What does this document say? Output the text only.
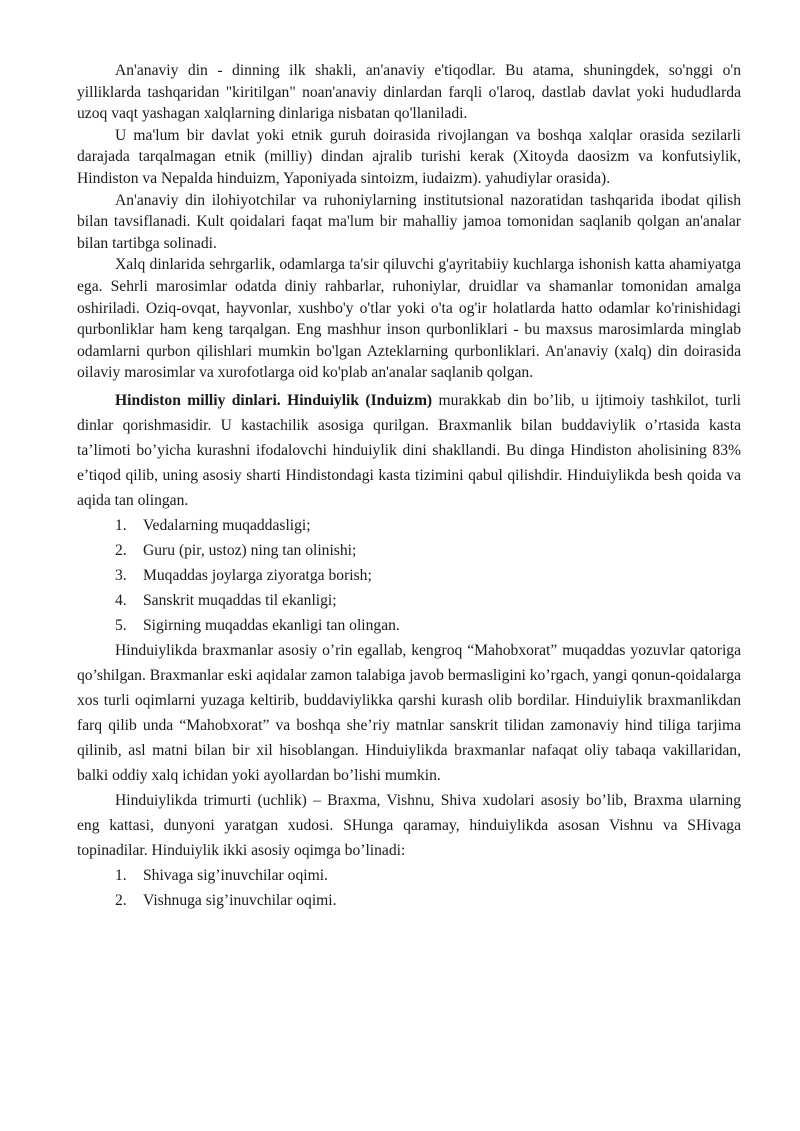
An'anaviy din - dinning ilk shakli, an'anaviy e'tiqodlar. Bu atama, shuningdek, so'nggi o'n yilliklarda tashqaridan "kiritilgan" noan'anaviy dinlardan farqli o'laroq, dastlab davlat yoki hududlarda uzoq vaqt yashagan xalqlarning dinlariga nisbatan qo'llaniladi.

U ma'lum bir davlat yoki etnik guruh doirasida rivojlangan va boshqa xalqlar orasida sezilarli darajada tarqalmagan etnik (milliy) dindan ajralib turishi kerak (Xitoyda daosizm va konfutsiylik, Hindiston va Nepalda hinduizm, Yaponiyada sintoizm, iudaizm). yahudiylar orasida).

An'anaviy din ilohiyotchilar va ruhoniylarning institutsional nazoratidan tashqarida ibodat qilish bilan tavsiflanadi. Kult qoidalari faqat ma'lum bir mahalliy jamoa tomonidan saqlanib qolgan an'analar bilan tartibga solinadi.

Xalq dinlarida sehrgarlik, odamlarga ta'sir qiluvchi g'ayritabiiy kuchlarga ishonish katta ahamiyatga ega. Sehrli marosimlar odatda diniy rahbarlar, ruhoniylar, druidlar va shamanlar tomonidan amalga oshiriladi. Oziq-ovqat, hayvonlar, xushbo'y o'tlar yoki o'ta og'ir holatlarda hatto odamlar ko'rinishidagi qurbonliklar ham keng tarqalgan. Eng mashhur inson qurbonliklari - bu maxsus marosimlarda minglab odamlarni qurbon qilishlari mumkin bo'lgan Azteklarning qurbonliklari. An'anaviy (xalq) din doirasida oilaviy marosimlar va xurofotlarga oid ko'plab an'analar saqlanib qolgan.

Hindiston milliy dinlari. Hinduiylik (Induizm) murakkab din bo’lib, u ijtimoiy tashkilot, turli dinlar qorishmasidir. U kastachilik asosiga qurilgan. Braxmanlik bilan buddaviylik o’rtasida kasta ta’limoti bo’yicha kurashni ifodalovchi hinduiylik dini shakllandi. Bu dinga Hindiston aholisining 83% e’tiqod qilib, uning asosiy sharti Hindistondagi kasta tizimini qabul qilishdir. Hinduiylikda besh qoida va aqida tan olingan.

1.	Vedalarning muqaddasligi;
2.	Guru (pir, ustoz) ning tan olinishi;
3.	Muqaddas joylarga ziyoratga borish;
4.	Sanskrit muqaddas til ekanligi;
5.	Sigirning muqaddas ekanligi tan olingan.

Hinduiylikda braxmanlar asosiy o’rin egallab, kengroq “Mahobxorat” muqaddas yozuvlar qatoriga qo’shilgan. Braxmanlar eski aqidalar zamon talabiga javob bermasligini ko’rgach, yangi qonun-qoidalarga xos turli oqimlarni yuzaga keltirib, buddaviylikka qarshi kurash olib bordilar. Hinduiylik braxmanlikdan farq qilib unda “Mahobxorat” va boshqa she’riy matnlar sanskrit tilidan zamonaviy hind tiliga tarjima qilinib, asl matni bilan bir xil hisoblangan. Hinduiylikda braxmanlar nafaqat oliy tabaqa vakillaridan, balki oddiy xalq ichidan yoki ayollardan bo’lishi mumkin.

Hinduiylikda trimurti (uchlik) – Braxma, Vishnu, Shiva xudolari asosiy bo’lib, Braxma ularning eng kattasi, dunyoni yaratgan xudosi. SHunga qaramay, hinduiylikda asosan Vishnu va SHivaga topinadilar. Hinduiylik ikki asosiy oqimga bo’linadi:

1.	Shivaga sig’inuvchilar oqimi.
2.	Vishnuga sig’inuvchilar oqimi.
